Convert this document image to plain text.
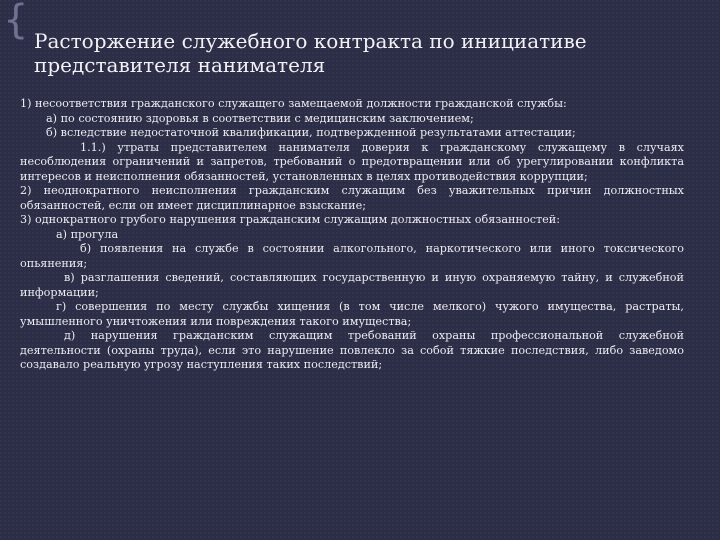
{ Расторжение служебного контракта по инициативе представителя нанимателя

1) несоответствия гражданского служащего замещаемой должности гражданской службы:

а) по состоянию здоровья в соответствии с медицинским заключением;

б) вследствие недостаточной квалификации, подтвержденной результатами аттестации;

1.1.) утраты представителем нанимателя доверия к гражданскому служащему в случаях несоблюдения ограничений и запретов, требований о предотвращении или об урегулировании конфликта интересов и неисполнения обязанностей, установленных в целях противодействия коррупции;

2) неоднократного неисполнения гражданским служащим без уважительных причин должностных обязанностей, если он имеет дисциплинарное взыскание;

3) однократного грубого нарушения гражданским служащим должностных обязанностей:

а) прогула

б) появления на службе в состоянии алкогольного, наркотического или иного токсического опьянения;

в) разглашения сведений, составляющих государственную и иную охраняемую тайну, и служебной информации;

г) совершения по месту службы хищения (в том числе мелкого) чужого имущества, растраты, умышленного уничтожения или повреждения такого имущества;

д) нарушения гражданским служащим требований охраны профессиональной служебной деятельности (охраны труда), если это нарушение повлекло за собой тяжкие последствия, либо заведомо создавало реальную угрозу наступления таких последствий;
